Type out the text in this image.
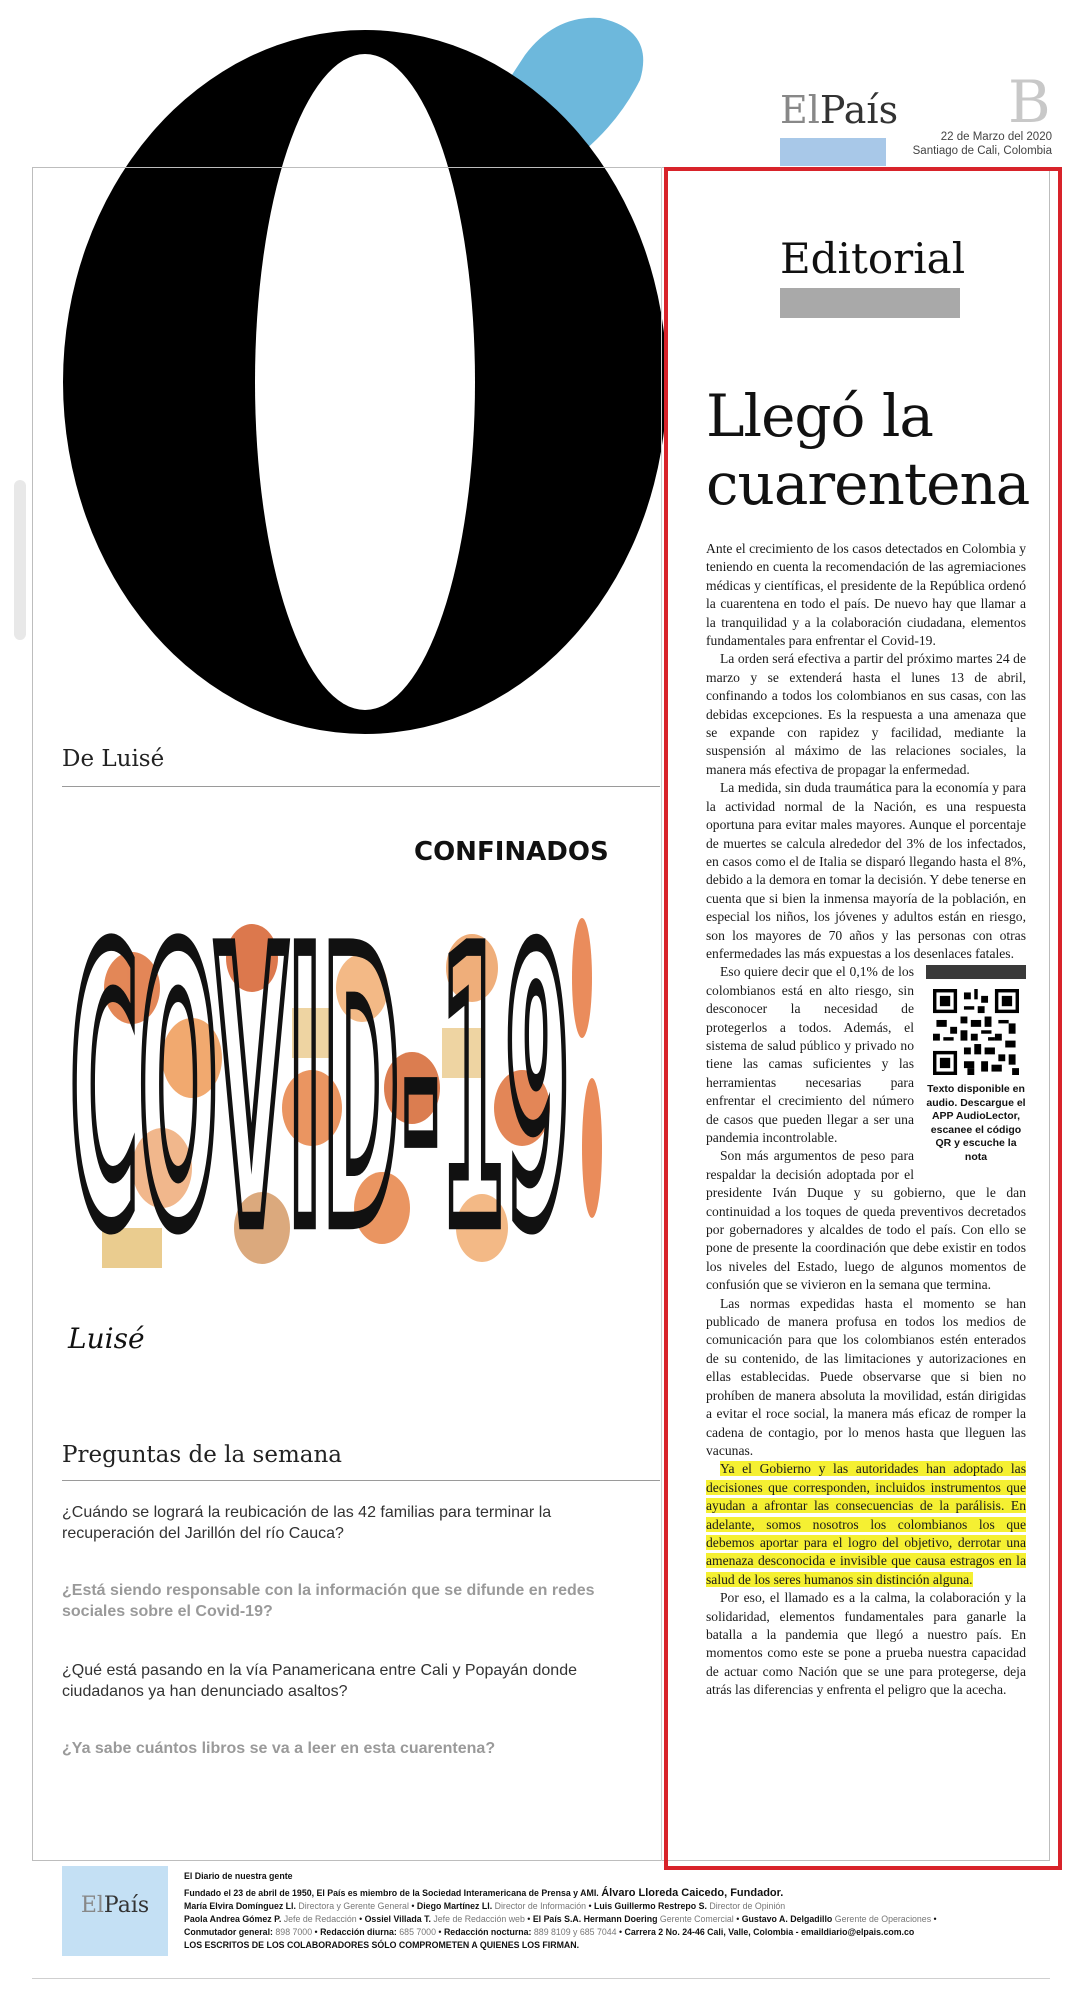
ElPaís B
22 de Marzo del 2020
Santiago de Cali, Colombia
De Luisé
CONFINADOS
COVID-19
Luisé
Preguntas de la semana
¿Cuándo se logrará la reubicación de las 42 familias para terminar la recuperación del Jarillón del río Cauca?
¿Está siendo responsable con la información que se difunde en redes sociales sobre el Covid-19?
¿Qué está pasando en la vía Panamericana entre Cali y Popayán donde ciudadanos ya han denunciado asaltos?
¿Ya sabe cuántos libros se va a leer en esta cuarentena?
Editorial
Llegó la cuarentena

Ante el crecimiento de los casos detectados en Colombia y teniendo en cuenta la recomendación de las agremiaciones médicas y científicas, el presidente de la República ordenó la cuarentena en todo el país. De nuevo hay que llamar a la tranquilidad y a la colaboración ciudadana, elementos fundamentales para enfrentar el Covid-19.

La orden será efectiva a partir del próximo martes 24 de marzo y se extenderá hasta el lunes 13 de abril, confinando a todos los colombianos en sus casas, con las debidas excepciones. Es la respuesta a una amenaza que se expande con rapidez y facilidad, mediante la suspensión al máximo de las relaciones sociales, la manera más efectiva de propagar la enfermedad.

La medida, sin duda traumática para la economía y para la actividad normal de la Nación, es una respuesta oportuna para evitar males mayores. Aunque el porcentaje de muertes se calcula alrededor del 3% de los infectados, en casos como el de Italia se disparó llegando hasta el 8%, debido a la demora en tomar la decisión. Y debe tenerse en cuenta que si bien la inmensa mayoría de la población, en especial los niños, los jóvenes y adultos están en riesgo, son los mayores de 70 años y las personas con otras enfermedades las más expuestas a los desenlaces fatales.

Texto disponible en audio. Descargue el APP AudioLector, escanee el código QR y escuche la nota

Eso quiere decir que el 0,1% de los colombianos está en alto riesgo, sin desconocer la necesidad de protegerlos a todos. Además, el sistema de salud público y privado no tiene las camas suficientes y las herramientas necesarias para enfrentar el crecimiento del número de casos que pueden llegar a ser una pandemia incontrolable.

Son más argumentos de peso para respaldar la decisión adoptada por el presidente Iván Duque y su gobierno, que le dan continuidad a los toques de queda preventivos decretados por gobernadores y alcaldes de todo el país. Con ello se pone de presente la coordinación que debe existir en todos los niveles del Estado, luego de algunos momentos de confusión que se vivieron en la semana que termina.

Las normas expedidas hasta el momento se han publicado de manera profusa en todos los medios de comunicación para que los colombianos estén enterados de su contenido, de las limitaciones y autorizaciones en ellas establecidas. Puede observarse que si bien no prohíben de manera absoluta la movilidad, están dirigidas a evitar el roce social, la manera más eficaz de romper la cadena de contagio, por lo menos hasta que lleguen las vacunas.

Ya el Gobierno y las autoridades han adoptado las decisiones que corresponden, incluidos instrumentos que ayudan a afrontar las consecuencias de la parálisis. En adelante, somos nosotros los colombianos los que debemos aportar para el logro del objetivo, derrotar una amenaza desconocida e invisible que causa estragos en la salud de los seres humanos sin distinción alguna.

Por eso, el llamado es a la calma, la colaboración y la solidaridad, elementos fundamentales para ganarle la batalla a la pandemia que llegó a nuestro país. En momentos como este se pone a prueba nuestra capacidad de actuar como Nación que se une para protegerse, deja atrás las diferencias y enfrenta el peligro que la acecha.

ElPaís
El Diario de nuestra gente
Fundado el 23 de abril de 1950, El País es miembro de la Sociedad Interamericana de Prensa y AMI. Álvaro Lloreda Caicedo, Fundador.
María Elvira Domínguez Ll. Directora y Gerente General • Diego Martínez Ll. Director de Información • Luis Guillermo Restrepo S. Director de Opinión
Paola Andrea Gómez P. Jefe de Redacción • Ossiel Villada T. Jefe de Redacción web • El País S.A. Hermann Doering Gerente Comercial • Gustavo A. Delgadillo Gerente de Operaciones •
Conmutador general: 898 7000 • Redacción diurna: 685 7000 • Redacción nocturna: 889 8109 y 685 7044 • Carrera 2 No. 24-46 Cali, Valle, Colombia - emaildiario@elpais.com.co
LOS ESCRITOS DE LOS COLABORADORES SÓLO COMPROMETEN A QUIENES LOS FIRMAN.
